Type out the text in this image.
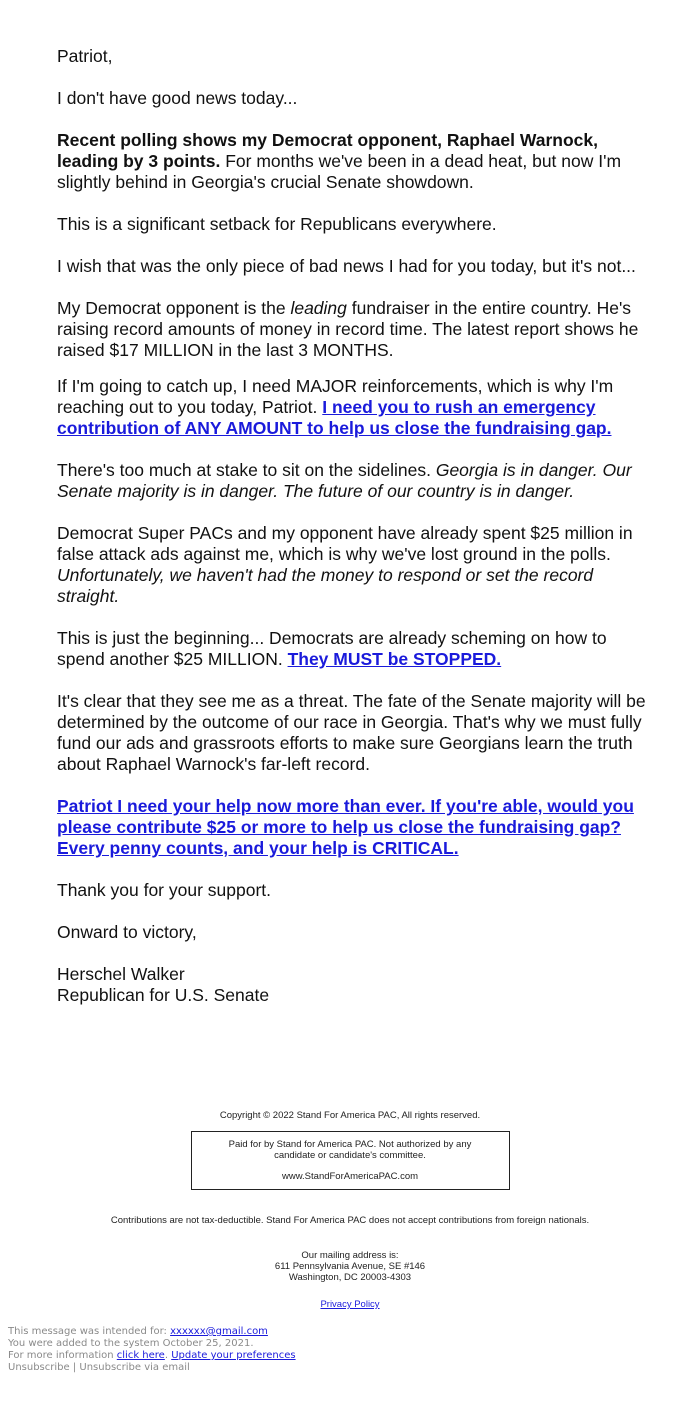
Patriot,

I don't have good news today...

Recent polling shows my Democrat opponent, Raphael Warnock, leading by 3 points. For months we've been in a dead heat, but now I'm slightly behind in Georgia's crucial Senate showdown.

This is a significant setback for Republicans everywhere.

I wish that was the only piece of bad news I had for you today, but it's not...

My Democrat opponent is the leading fundraiser in the entire country. He's raising record amounts of money in record time. The latest report shows he raised $17 MILLION in the last 3 MONTHS.

If I'm going to catch up, I need MAJOR reinforcements, which is why I'm reaching out to you today, Patriot. I need you to rush an emergency contribution of ANY AMOUNT to help us close the fundraising gap.

There's too much at stake to sit on the sidelines. Georgia is in danger. Our Senate majority is in danger. The future of our country is in danger.

Democrat Super PACs and my opponent have already spent $25 million in false attack ads against me, which is why we've lost ground in the polls. Unfortunately, we haven't had the money to respond or set the record straight.

This is just the beginning... Democrats are already scheming on how to spend another $25 MILLION. They MUST be STOPPED.

It's clear that they see me as a threat. The fate of the Senate majority will be determined by the outcome of our race in Georgia. That's why we must fully fund our ads and grassroots efforts to make sure Georgians learn the truth about Raphael Warnock's far-left record.

Patriot I need your help now more than ever. If you're able, would you please contribute $25 or more to help us close the fundraising gap? Every penny counts, and your help is CRITICAL.

Thank you for your support.

Onward to victory,

Herschel Walker
Republican for U.S. Senate

Copyright © 2022 Stand For America PAC, All rights reserved.
Paid for by Stand for America PAC. Not authorized by any
candidate or candidate's committee.
www.StandForAmericaPAC.com
Contributions are not tax-deductible. Stand For America PAC does not accept contributions from foreign nationals.
Our mailing address is:
611 Pennsylvania Avenue, SE #146
Washington, DC 20003-4303
Privacy Policy
This message was intended for: xxxxxx@gmail.com
You were added to the system October 25, 2021.
For more information click here. Update your preferences
Unsubscribe | Unsubscribe via email
